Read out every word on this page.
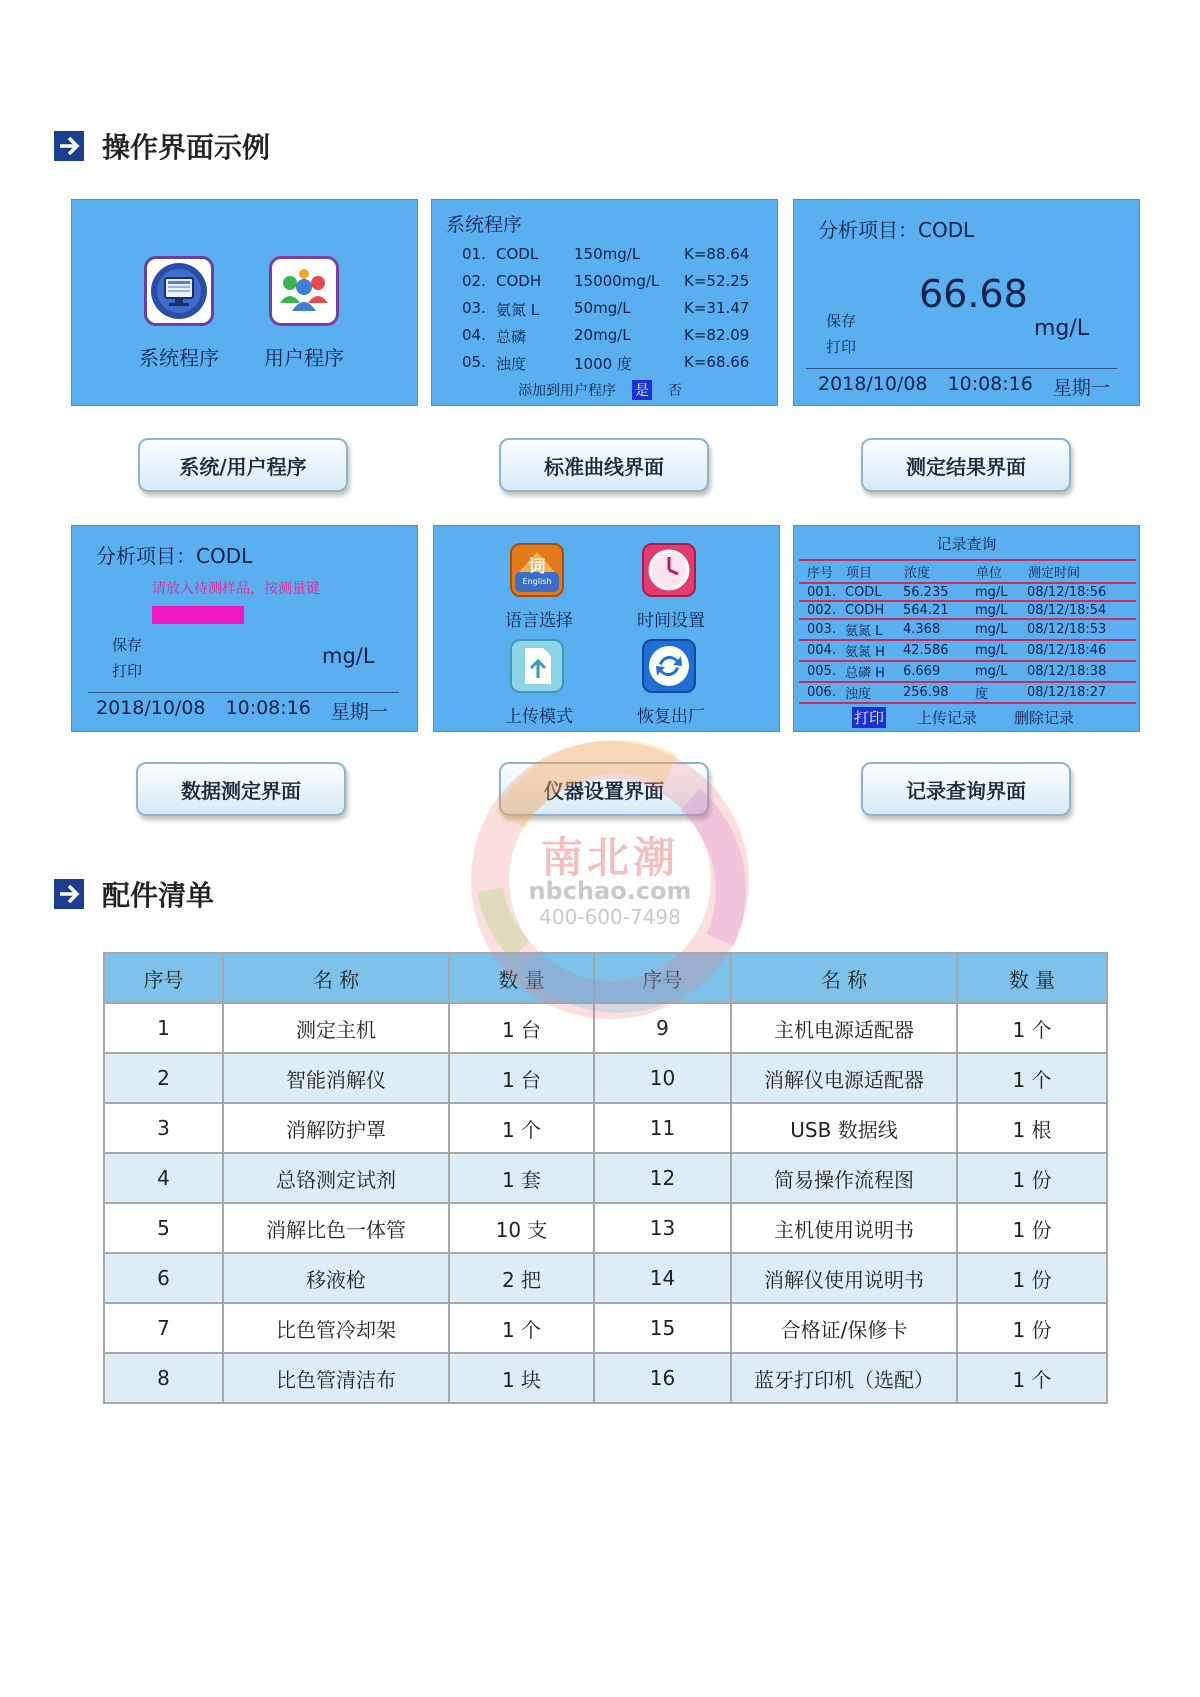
操作界面示例
系统程序	用户程序
系统程序
01. CODL	150mg/L	K=88.64
02. CODH	15000mg/L	K=52.25
03. 氨氮 L	50mg/L	K=31.47
04. 总磷	20mg/L	K=82.09
05. 浊度	1000 度	K=68.66
添加到用户程序 是 否
分析项目：CODL
66.68
mg/L
保存
打印
2018/10/08 10:08:16 星期一
系统/用户程序	标准曲线界面	测定结果界面
分析项目：CODL
请放入待测样品，按测量键
保存
打印
mg/L
2018/10/08 10:08:16 星期一
词
English
语言选择	时间设置
上传模式	恢复出厂
记录查询
序号	项目	浓度	单位	测定时间
001.	CODL	56.235	mg/L	08/12/18:56
002.	CODH	564.21	mg/L	08/12/18:54
003.	氨氮 L	4.368	mg/L	08/12/18:53
004.	氨氮 H	42.586	mg/L	08/12/18:46
005.	总磷 H	6.669	mg/L	08/12/18:38
006.	浊度	256.98	度	08/12/18:27
打印 上传记录 删除记录
数据测定界面	仪器设置界面	记录查询界面
配件清单
序号	名 称	数 量	序号	名 称	数 量
1	测定主机	1 台	9	主机电源适配器	1 个
2	智能消解仪	1 台	10	消解仪电源适配器	1 个
3	消解防护罩	1 个	11	USB 数据线	1 根
4	总铬测定试剂	1 套	12	简易操作流程图	1 份
5	消解比色一体管	10 支	13	主机使用说明书	1 份
6	移液枪	2 把	14	消解仪使用说明书	1 份
7	比色管冷却架	1 个	15	合格证/保修卡	1 份
8	比色管清洁布	1 块	16	蓝牙打印机（选配）	1 个
南北潮
nbchao.com
400-600-7498
